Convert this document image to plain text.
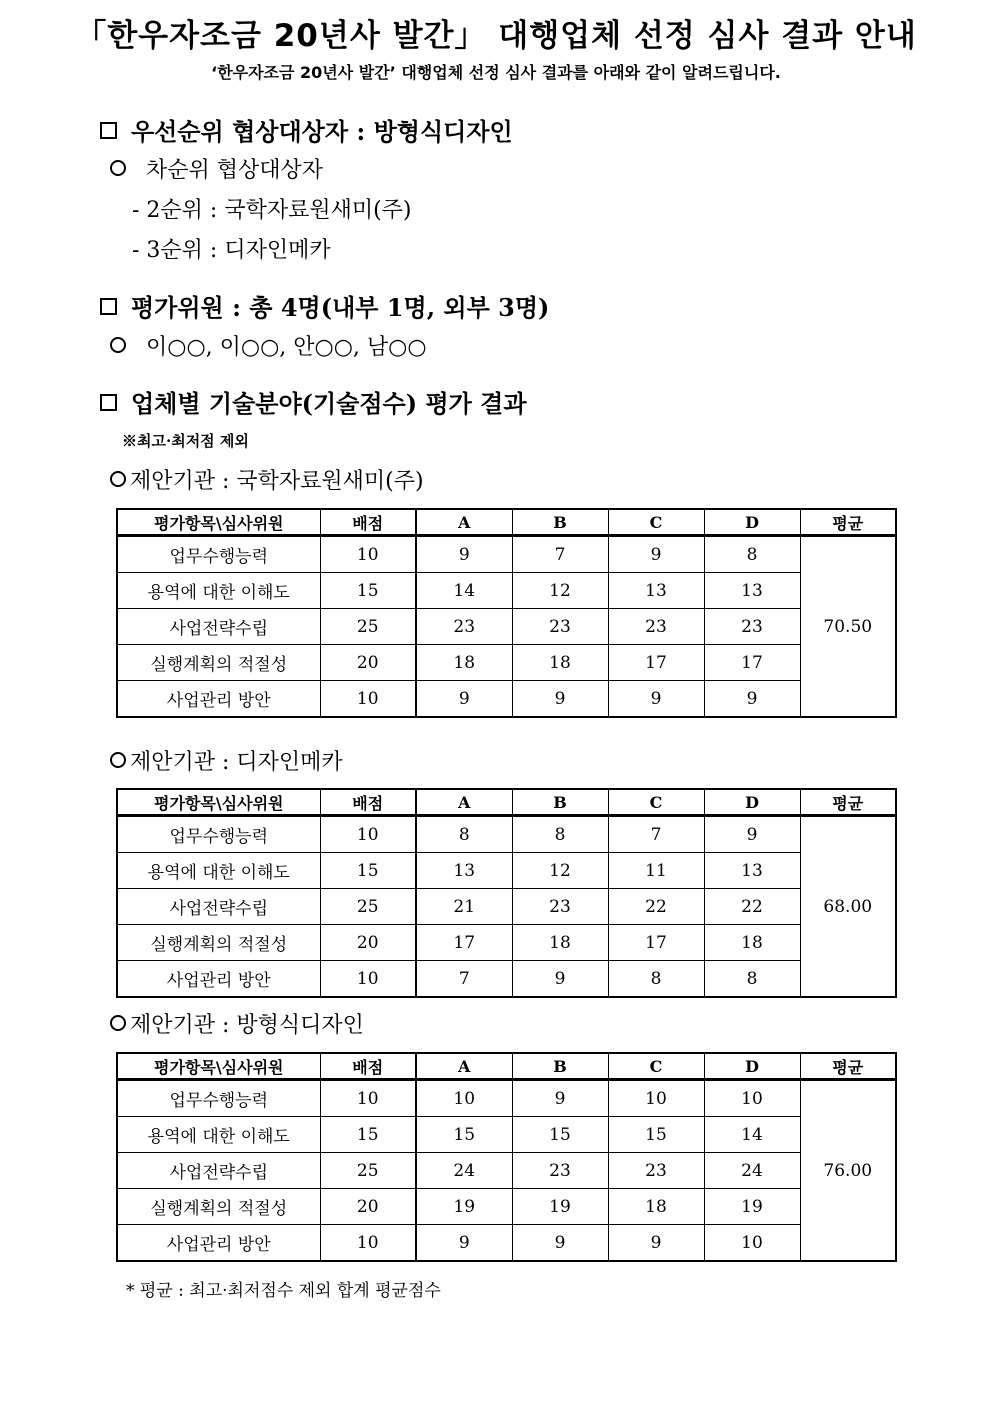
「한우자조금 20년사 발간」 대행업체 선정 심사 결과 안내
‘한우자조금 20년사 발간’ 대행업체 선정 심사 결과를 아래와 같이 알려드립니다.
우선순위 협상대상자 : 방형식디자인
차순위 협상대상자
- 2순위 : 국학자료원새미(주)
- 3순위 : 디자인메카
평가위원 : 총 4명(내부 1명, 외부 3명)
이○○, 이○○, 안○○, 남○○
업체별 기술분야(기술점수) 평가 결과
※최고·최저점 제외
제안기관 : 국학자료원새미(주)
평가항목\심사위원	배점	A	B	C	D	평균
업무수행능력	10	9	7	9	8	70.50
용역에 대한 이해도	15	14	12	13	13	
사업전략수립	25	23	23	23	23	
실행계획의 적절성	20	18	18	17	17	
사업관리 방안	10	9	9	9	9	
제안기관 : 디자인메카
평가항목\심사위원	배점	A	B	C	D	평균
업무수행능력	10	8	8	7	9	68.00
용역에 대한 이해도	15	13	12	11	13	
사업전략수립	25	21	23	22	22	
실행계획의 적절성	20	17	18	17	18	
사업관리 방안	10	7	9	8	8	
제안기관 : 방형식디자인
평가항목\심사위원	배점	A	B	C	D	평균
업무수행능력	10	10	9	10	10	76.00
용역에 대한 이해도	15	15	15	15	14	
사업전략수립	25	24	23	23	24	
실행계획의 적절성	20	19	19	18	19	
사업관리 방안	10	9	9	9	10	
* 평균 : 최고·최저점수 제외 합계 평균점수
